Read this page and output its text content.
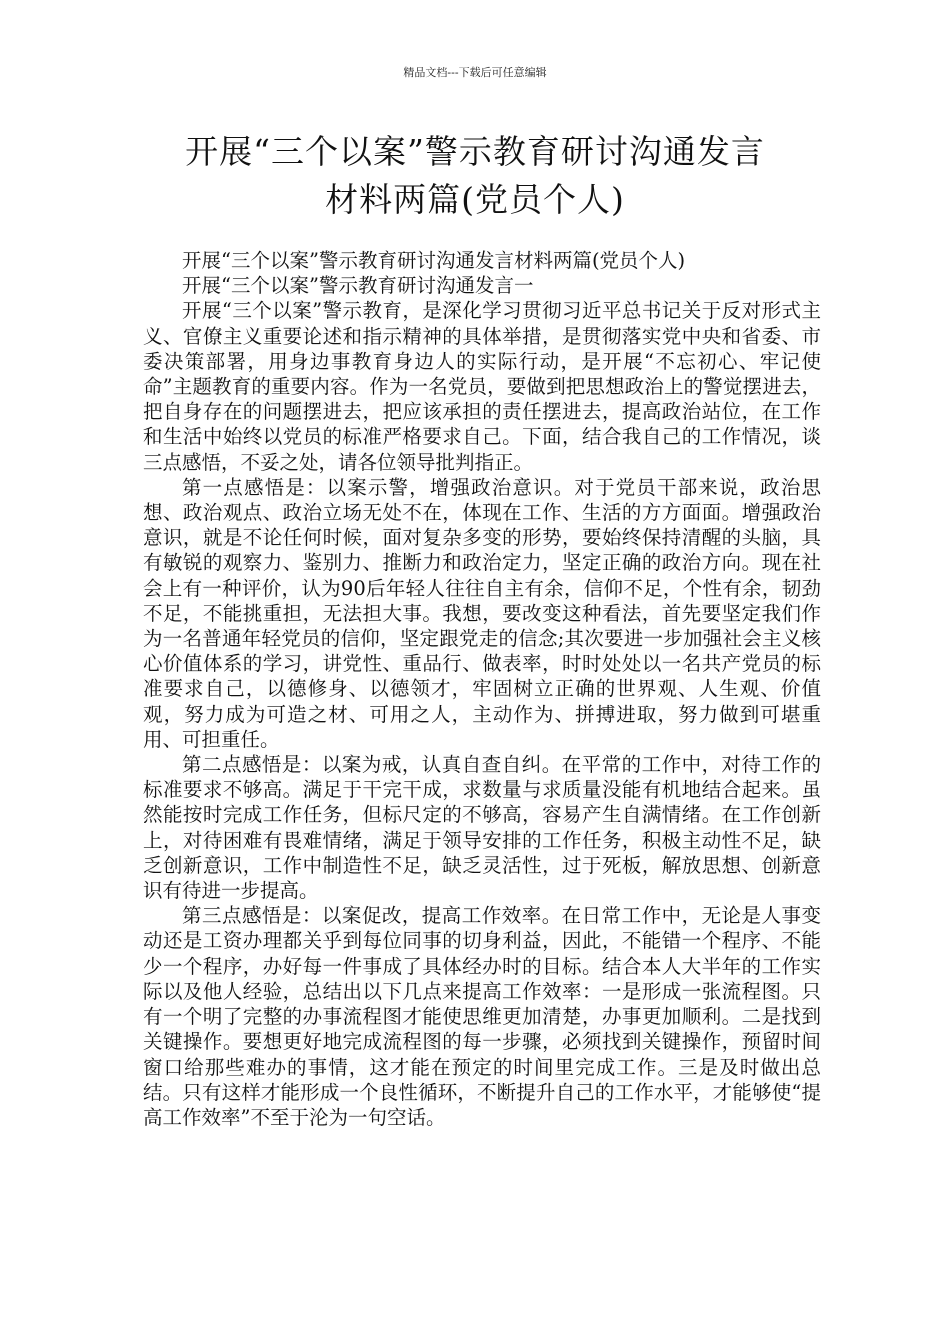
精品文档---下载后可任意编辑
开展“三个以案”警示教育研讨沟通发言
材料两篇(党员个人)

开展“三个以案”警示教育研讨沟通发言材料两篇(党员个人)

开展“三个以案”警示教育研讨沟通发言一

开展“三个以案”警示教育，是深化学习贯彻习近平总书记关于反对形式主义、官僚主义重要论述和指示精神的具体举措，是贯彻落实党中央和省委、市委决策部署，用身边事教育身边人的实际行动，是开展“不忘初心、牢记使命”主题教育的重要内容。作为一名党员，要做到把思想政治上的警觉摆进去，把自身存在的问题摆进去，把应该承担的责任摆进去，提高政治站位，在工作和生活中始终以党员的标准严格要求自己。下面，结合我自己的工作情况，谈三点感悟，不妥之处，请各位领导批判指正。

第一点感悟是：以案示警，增强政治意识。对于党员干部来说，政治思想、政治观点、政治立场无处不在，体现在工作、生活的方方面面。增强政治意识，就是不论任何时候，面对复杂多变的形势，要始终保持清醒的头脑，具有敏锐的观察力、鉴别力、推断力和政治定力，坚定正确的政治方向。现在社会上有一种评价，认为90后年轻人往往自主有余，信仰不足，个性有余，韧劲不足，不能挑重担，无法担大事。我想，要改变这种看法，首先要坚定我们作为一名普通年轻党员的信仰，坚定跟党走的信念;其次要进一步加强社会主义核心价值体系的学习，讲党性、重品行、做表率，时时处处以一名共产党员的标准要求自己，以德修身、以德领才，牢固树立正确的世界观、人生观、价值观，努力成为可造之材、可用之人，主动作为、拼搏进取，努力做到可堪重用、可担重任。

第二点感悟是：以案为戒，认真自查自纠。在平常的工作中，对待工作的标准要求不够高。满足于干完干成，求数量与求质量没能有机地结合起来。虽然能按时完成工作任务，但标尺定的不够高，容易产生自满情绪。在工作创新上，对待困难有畏难情绪，满足于领导安排的工作任务，积极主动性不足，缺乏创新意识，工作中制造性不足，缺乏灵活性，过于死板，解放思想、创新意识有待进一步提高。

第三点感悟是：以案促改，提高工作效率。在日常工作中，无论是人事变动还是工资办理都关乎到每位同事的切身利益，因此，不能错一个程序、不能少一个程序，办好每一件事成了具体经办时的目标。结合本人大半年的工作实际以及他人经验，总结出以下几点来提高工作效率：一是形成一张流程图。只有一个明了完整的办事流程图才能使思维更加清楚，办事更加顺利。二是找到关键操作。要想更好地完成流程图的每一步骤，必须找到关键操作，预留时间窗口给那些难办的事情，这才能在预定的时间里完成工作。三是及时做出总结。只有这样才能形成一个良性循环，不断提升自己的工作水平，才能够使“提高工作效率”不至于沦为一句空话。
